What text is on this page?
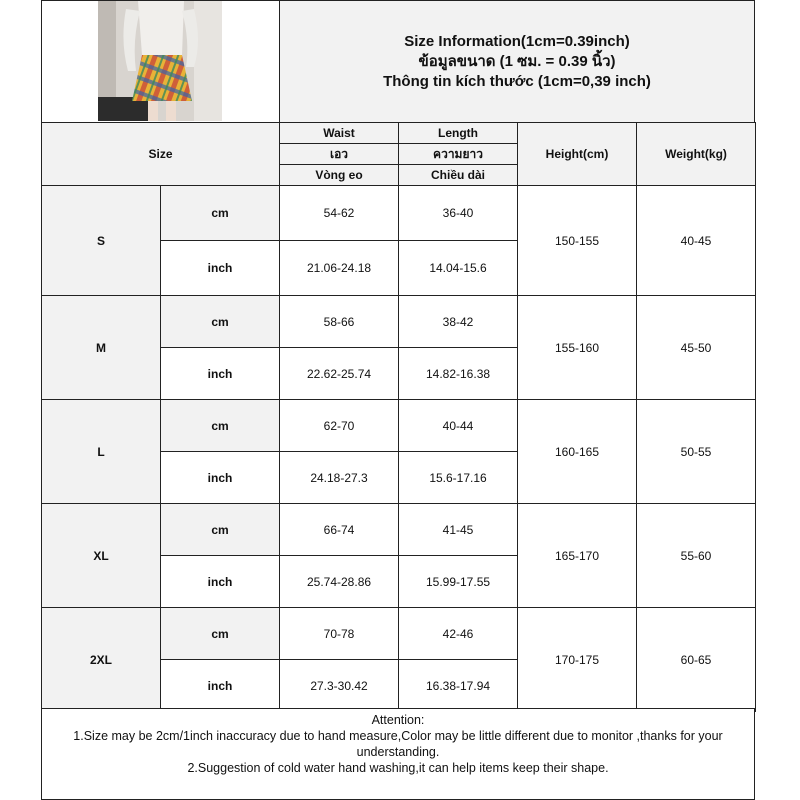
Size Information(1cm=0.39inch)
ข้อมูลขนาด (1 ซม. = 0.39 นิ้ว)
Thông tin kích thước (1cm=0,39 inch)
Size		Waist	Length	Height(cm)	Weight(kg)
		เอว	ความยาว		
		Vòng eo	Chiều dài		
S	cm	54-62	36-40	150-155	40-45
	inch	21.06-24.18	14.04-15.6		
M	cm	58-66	38-42	155-160	45-50
	inch	22.62-25.74	14.82-16.38		
L	cm	62-70	40-44	160-165	50-55
	inch	24.18-27.3	15.6-17.16		
XL	cm	66-74	41-45	165-170	55-60
	inch	25.74-28.86	15.99-17.55		
2XL	cm	70-78	42-46	170-175	60-65
	inch	27.3-30.42	16.38-17.94		
Attention:
1.Size may be 2cm/1inch inaccuracy due to hand measure,Color may be little different due to monitor ,thanks for your understanding.
2.Suggestion of cold water hand washing,it can help items keep their shape.
